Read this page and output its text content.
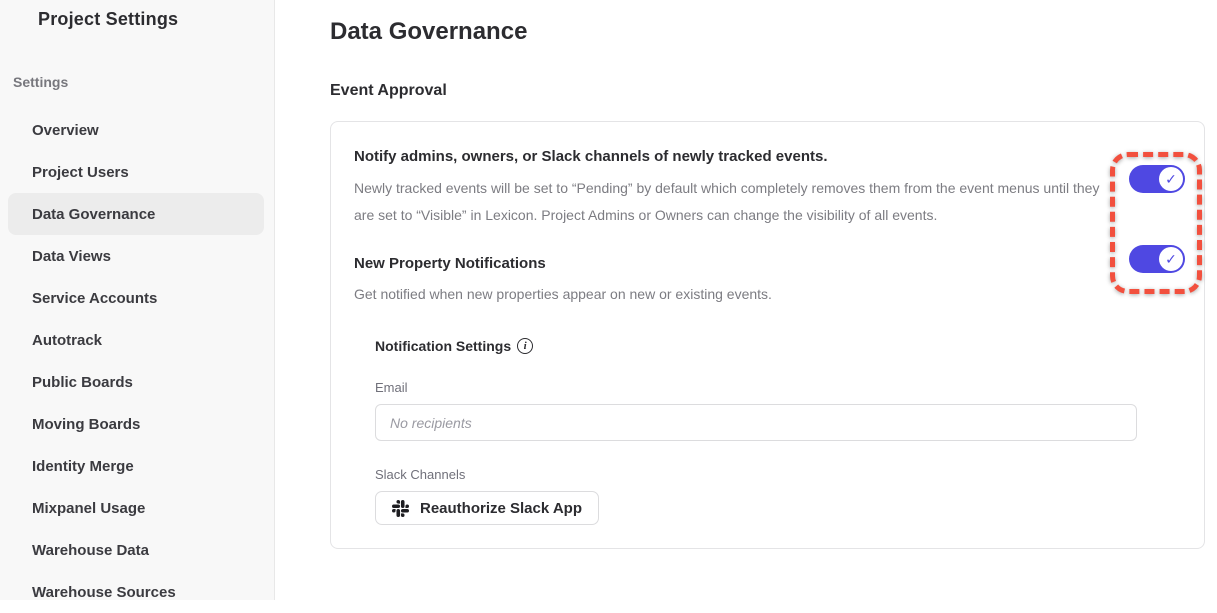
Project Settings
Settings
Overview
Project Users
Data Governance
Data Views
Service Accounts
Autotrack
Public Boards
Moving Boards
Identity Merge
Mixpanel Usage
Warehouse Data
Warehouse Sources
Data Governance
Event Approval
Notify admins, owners, or Slack channels of newly tracked events.
Newly tracked events will be set to “Pending” by default which completely removes them from the event menus until they are set to “Visible” in Lexicon. Project Admins or Owners can change the visibility of all events.
New Property Notifications
Get notified when new properties appear on new or existing events.
✓
✓
Notification Settings	i
Email
No recipients
Slack Channels
Reauthorize Slack App
